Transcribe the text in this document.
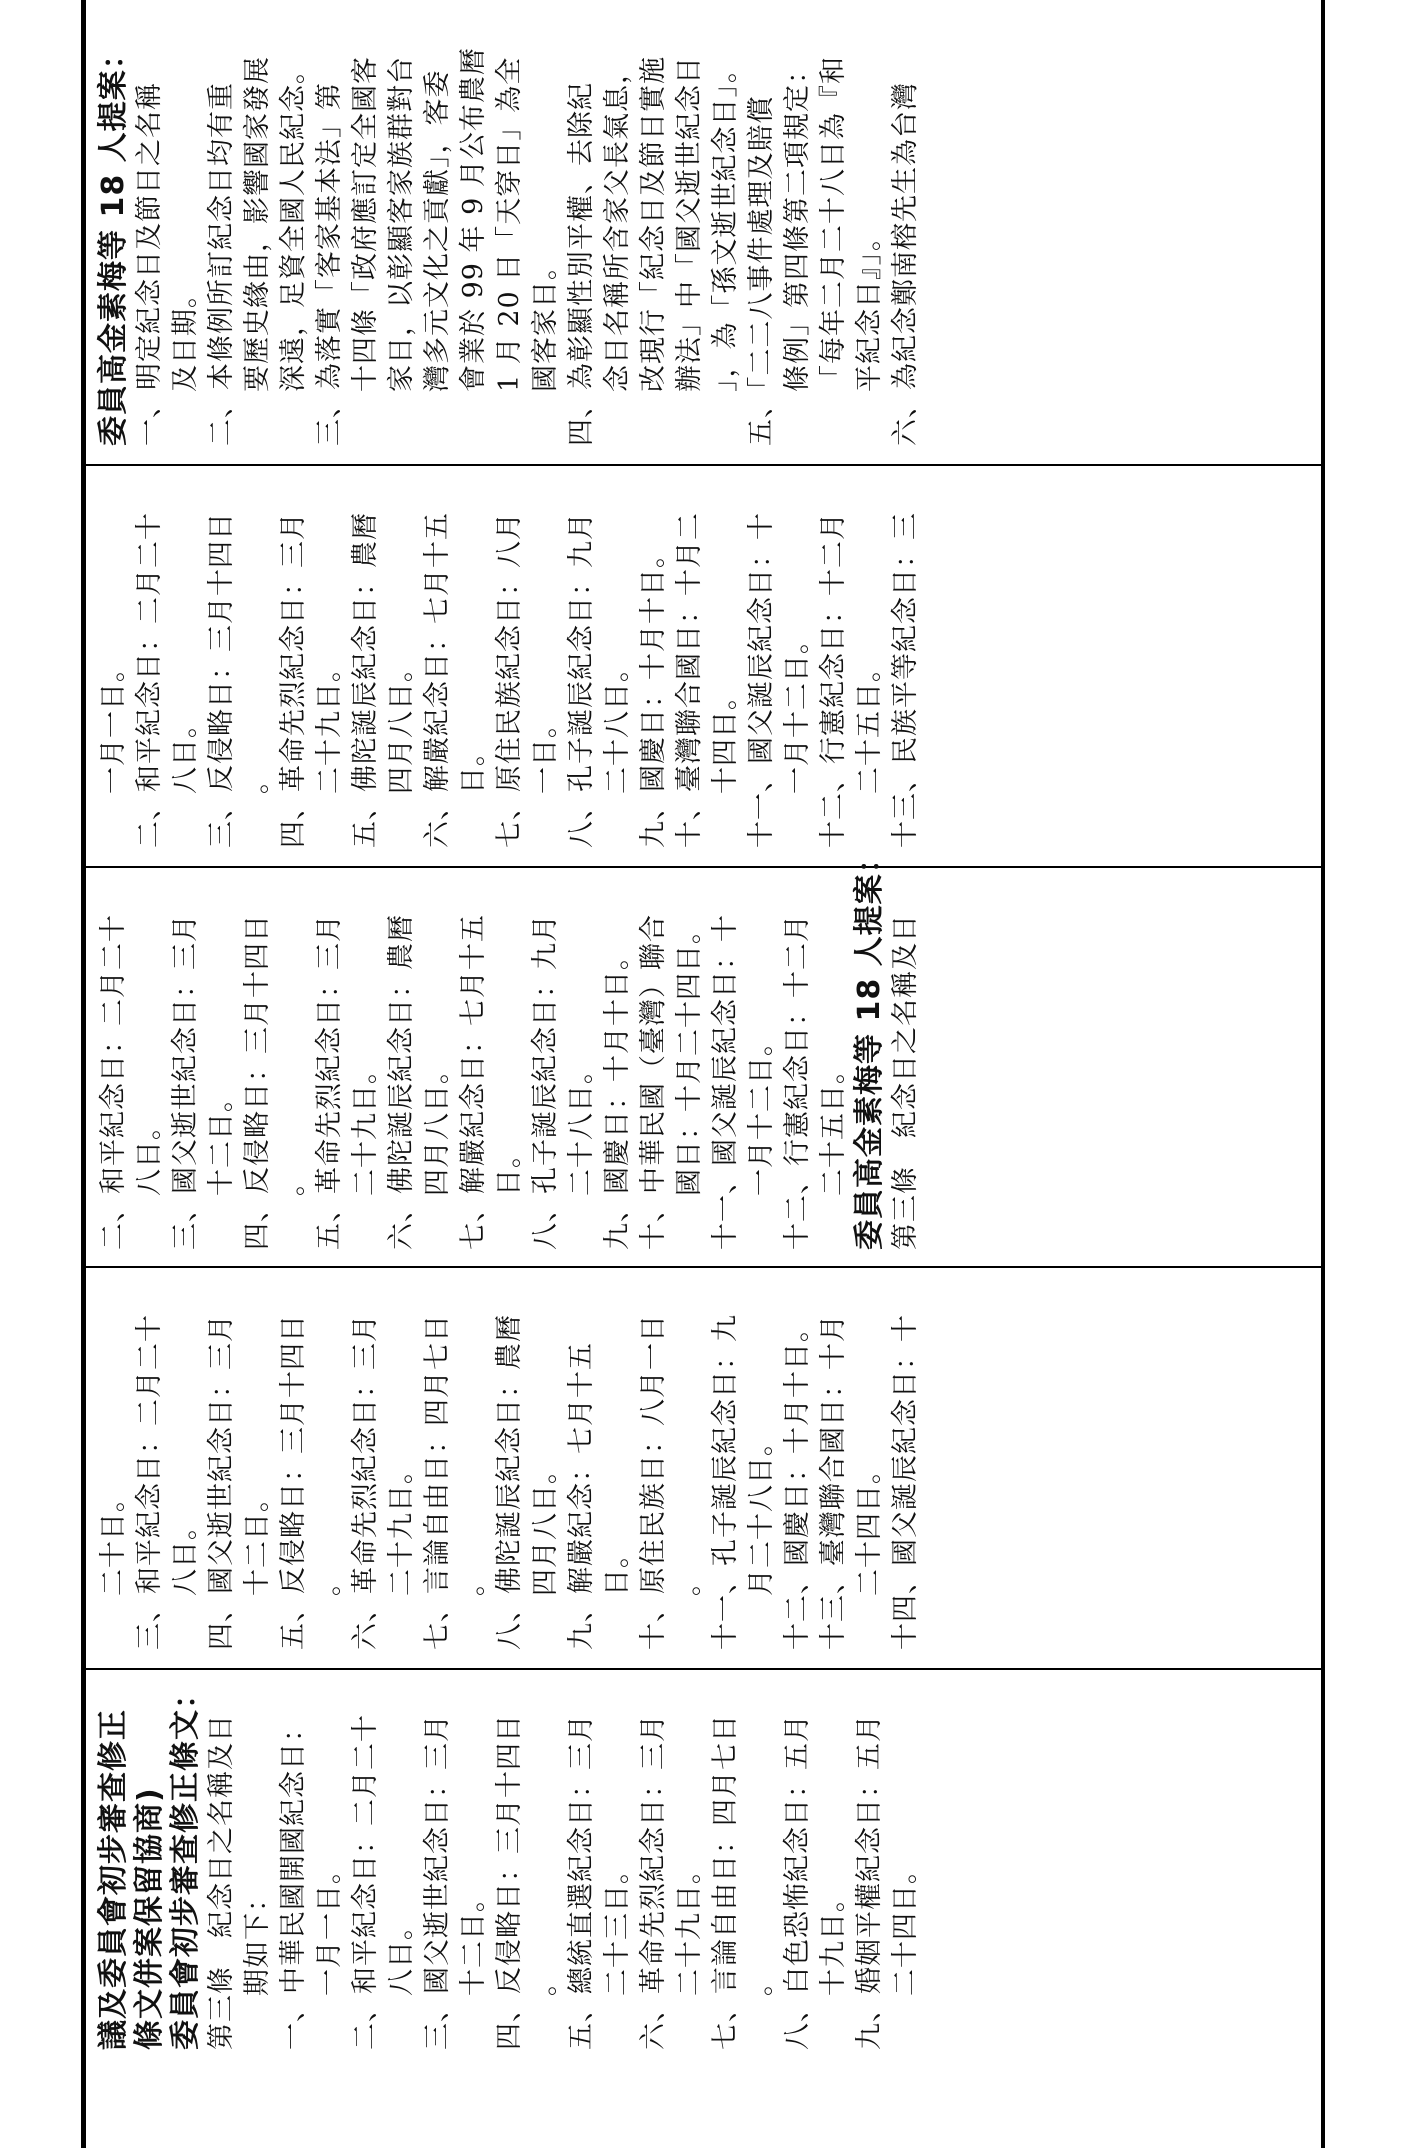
議及委員會初步審查修正 條文併案保留協商) 委員會初步審查修正條文： 第三條　紀念日之名稱及日 期如下： 一、中華民國開國紀念日： 一月一日。 二、和平紀念日：二月二十 八日。 三、國父逝世紀念日：三月 十二日。 四、反侵略日：三月十四日 。 五、總統直選紀念日：三月 二十三日。 六、革命先烈紀念日：三月 二十九日。 七、言論自由日：四月七日 。 八、白色恐怖紀念日：五月 十九日。 九、婚姻平權紀念日：五月 二十四日。
二十日。 三、和平紀念日：二月二十 八日。 四、國父逝世紀念日：三月 十二日。 五、反侵略日：三月十四日 。 六、革命先烈紀念日：三月 二十九日。 七、言論自由日：四月七日 。 八、佛陀誕辰紀念日：農曆 四月八日。 九、解嚴紀念：七月十五 日。 十、原住民族日：八月一日 。 十一、孔子誕辰紀念日：九 月二十八日。 十二、國慶日：十月十日。 十三、臺灣聯合國日：十月 二十四日。 十四、國父誕辰紀念日：十
二、和平紀念日：二月二十 八日。 三、國父逝世紀念日：三月 十二日。 四、反侵略日：三月十四日 。 五、革命先烈紀念日：三月 二十九日。 六、佛陀誕辰紀念日：農曆 四月八日。 七、解嚴紀念日：七月十五 日。 八、孔子誕辰紀念日：九月 二十八日。 九、國慶日：十月十日。 十、中華民國（臺灣）聯合 國日：十月二十四日。 十一、國父誕辰紀念日：十 一月十二日。 十二、行憲紀念日：十二月 二十五日。 委員高金素梅等 18 人提案： 第三條　紀念日之名稱及日
一月一日。 二、和平紀念日：二月二十 八日。 三、反侵略日：三月十四日 。 四、革命先烈紀念日：三月 二十九日。 五、佛陀誕辰紀念日：農曆 四月八日。 六、解嚴紀念日：七月十五 日。 七、原住民族紀念日：八月 一日。 八、孔子誕辰紀念日：九月 二十八日。 九、國慶日：十月十日。 十、臺灣聯合國日：十月二 十四日。 十一、國父誕辰紀念日：十 一月十二日。 十二、行憲紀念日：十二月 二十五日。 十三、民族平等紀念日：三
委員高金素梅等 18 人提案： 一、明定紀念日及節日之名稱 及日期。 二、本條例所訂紀念日均有重 要歷史緣由，影響國家發展 深遠，足資全國人民紀念。 三、為落實「客家基本法」第 十四條「政府應訂定全國客 家日，以彰顯客家族群對台 灣多元文化之貢獻」，客委 會業於 99 年 9 月公布農曆 1 月 20 日「天穿日」為全 國客家日。 四、為彰顯性別平權、去除紀 念日名稱所含家父長氣息， 改現行「紀念日及節日實施 辦法」中「國父逝世紀念日 」，為「孫文逝世紀念日」。 五、「二二八事件處理及賠償 條例」第四條第二項規定： 「每年二月二十八日為『和 平紀念日』」。 六、為紀念鄭南榕先生為台灣
